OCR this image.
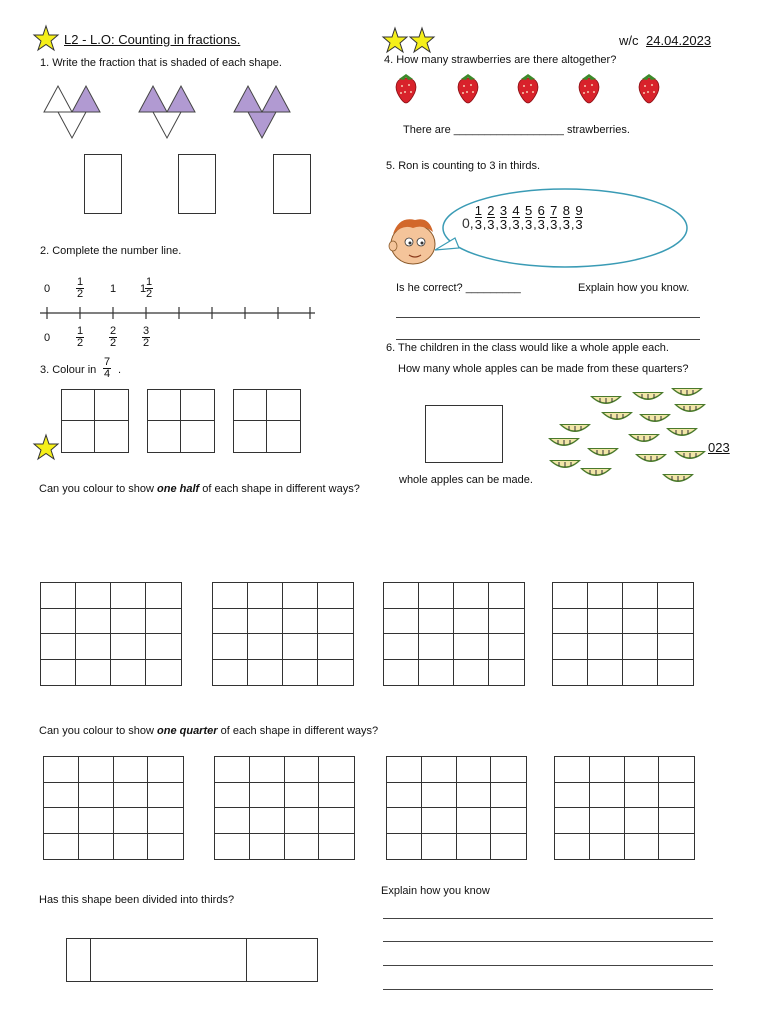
L2 - L.O: Counting in fractions.	w/c 24.04.2023
1. Write the fraction that is shaded of each shape.
2. Complete the number line.
$0 \frac{1}{2} 1$ 1
$\frac{1}{2}$
$0 \frac{1}{2} \frac{2}{2} \frac{3}{2}$
3. Colour in $\frac{7}{4}$ .
4. How many strawberries are there altogether?
There are __________________ strawberries.
5. Ron is counting to 3 in thirds.
0, $\frac{1}{3}$ , $\frac{2}{3}$ , $\frac{3}{3}$ , $\frac{4}{3}$ , $\frac{5}{3}$ , $\frac{6}{3}$ , $\frac{7}{3}$ , $\frac{8}{3}$ , $\frac{9}{3}$
Is he correct? _________	Explain how you know.
6. The children in the class would like a whole apple each.
How many whole apples can be made from these quarters?
whole apples can be made.
023
Can you colour to show one half of each shape in different ways?
Can you colour to show one quarter of each shape in different ways?
Has this shape been divided into thirds?
Explain how you know
